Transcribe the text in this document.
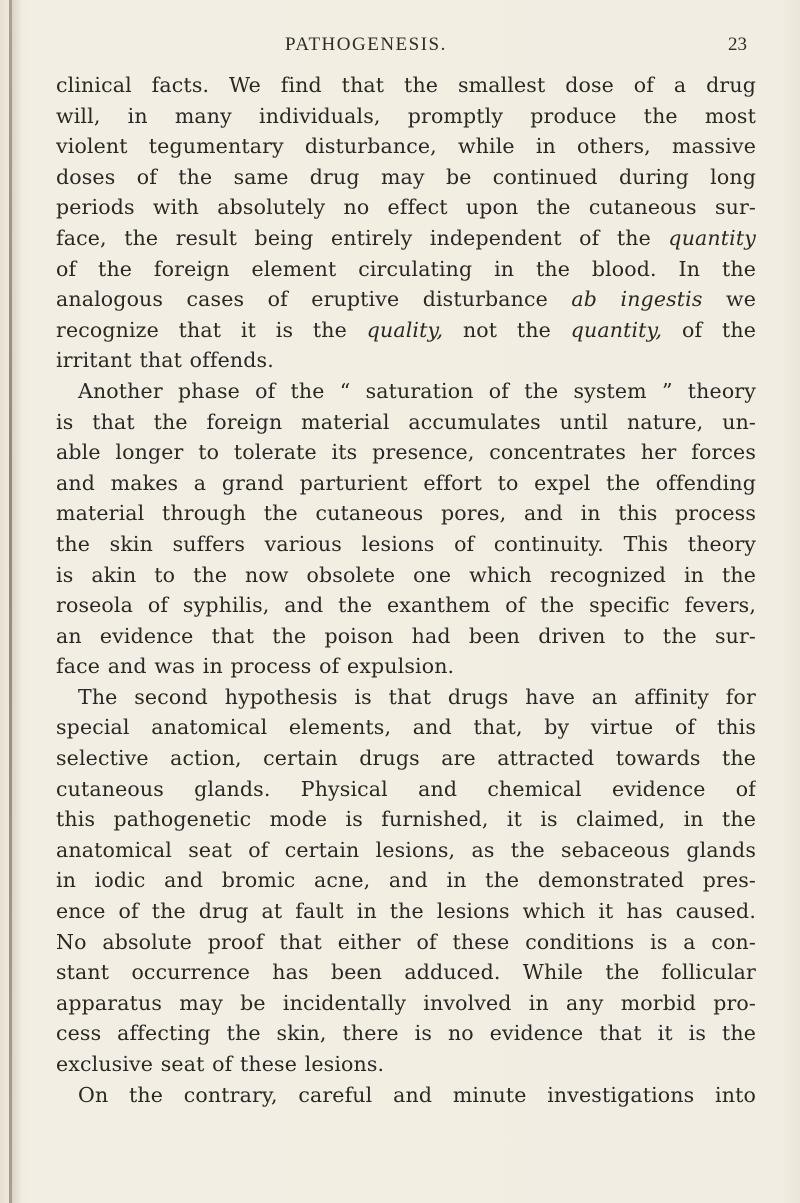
PATHOGENESIS.	23
clinical facts. We find that the smallest dose of a drug
will, in many individuals, promptly produce the most
violent tegumentary disturbance, while in others, massive
doses of the same drug may be continued during long
periods with absolutely no effect upon the cutaneous sur-
face, the result being entirely independent of the quantity
of the foreign element circulating in the blood. In the
analogous cases of eruptive disturbance ab ingestis we
recognize that it is the quality, not the quantity, of the
irritant that offends.
Another phase of the “ saturation of the system ” theory
is that the foreign material accumulates until nature, un-
able longer to tolerate its presence, concentrates her forces
and makes a grand parturient effort to expel the offending
material through the cutaneous pores, and in this process
the skin suffers various lesions of continuity. This theory
is akin to the now obsolete one which recognized in the
roseola of syphilis, and the exanthem of the specific fevers,
an evidence that the poison had been driven to the sur-
face and was in process of expulsion.
The second hypothesis is that drugs have an affinity for
special anatomical elements, and that, by virtue of this
selective action, certain drugs are attracted towards the
cutaneous glands. Physical and chemical evidence of
this pathogenetic mode is furnished, it is claimed, in the
anatomical seat of certain lesions, as the sebaceous glands
in iodic and bromic acne, and in the demonstrated pres-
ence of the drug at fault in the lesions which it has caused.
No absolute proof that either of these conditions is a con-
stant occurrence has been adduced. While the follicular
apparatus may be incidentally involved in any morbid pro-
cess affecting the skin, there is no evidence that it is the
exclusive seat of these lesions.
On the contrary, careful and minute investigations into
